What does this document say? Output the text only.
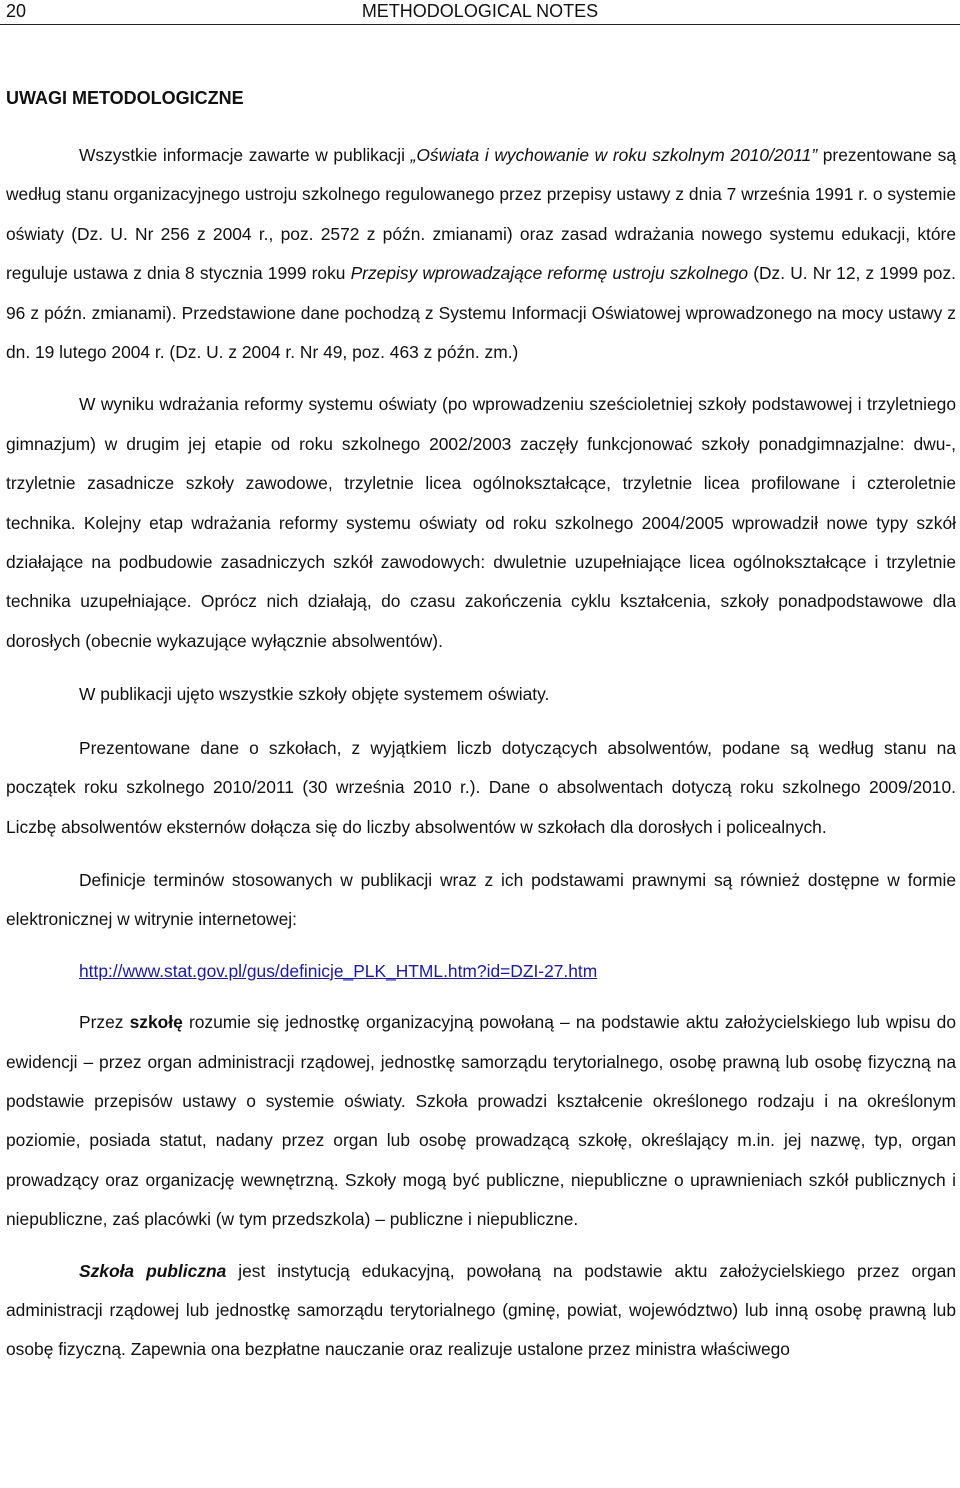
20	METHODOLOGICAL NOTES
UWAGI METODOLOGICZNE

Wszystkie informacje zawarte w publikacji „Oświata i wychowanie w roku szkolnym 2010/2011” prezentowane są według stanu organizacyjnego ustroju szkolnego regulowanego przez przepisy ustawy z dnia 7 września 1991 r. o systemie oświaty (Dz. U. Nr 256 z 2004 r., poz. 2572 z późn. zmianami) oraz zasad wdrażania nowego systemu edukacji, które reguluje ustawa z dnia 8 stycznia 1999 roku Przepisy wprowadzające reformę ustroju szkolnego (Dz. U. Nr 12, z 1999 poz. 96 z późn. zmianami). Przedstawione dane pochodzą z Systemu Informacji Oświatowej wprowadzonego na mocy ustawy z dn. 19 lutego 2004 r. (Dz. U. z 2004 r. Nr 49, poz. 463 z późn. zm.)

W wyniku wdrażania reformy systemu oświaty (po wprowadzeniu sześcioletniej szkoły podstawowej i trzyletniego gimnazjum) w drugim jej etapie od roku szkolnego 2002/2003 zaczęły funkcjonować szkoły ponadgimnazjalne: dwu-, trzyletnie zasadnicze szkoły zawodowe, trzyletnie licea ogólnokształcące, trzyletnie licea profilowane i czteroletnie technika. Kolejny etap wdrażania reformy systemu oświaty od roku szkolnego 2004/2005 wprowadził nowe typy szkół działające na podbudowie zasadniczych szkół zawodowych: dwuletnie uzupełniające licea ogólnokształcące i trzyletnie technika uzupełniające. Oprócz nich działają, do czasu zakończenia cyklu kształcenia, szkoły ponadpodstawowe dla dorosłych (obecnie wykazujące wyłącznie absolwentów).

W publikacji ujęto wszystkie szkoły objęte systemem oświaty.

Prezentowane dane o szkołach, z wyjątkiem liczb dotyczących absolwentów, podane są według stanu na początek roku szkolnego 2010/2011 (30 września 2010 r.). Dane o absolwentach dotyczą roku szkolnego 2009/2010. Liczbę absolwentów eksternów dołącza się do liczby absolwentów w szkołach dla dorosłych i policealnych.

Definicje terminów stosowanych w publikacji wraz z ich podstawami prawnymi są również dostępne w formie elektronicznej w witrynie internetowej:

http://www.stat.gov.pl/gus/definicje_PLK_HTML.htm?id=DZI-27.htm

Przez szkołę rozumie się jednostkę organizacyjną powołaną – na podstawie aktu założycielskiego lub wpisu do ewidencji – przez organ administracji rządowej, jednostkę samorządu terytorialnego, osobę prawną lub osobę fizyczną na podstawie przepisów ustawy o systemie oświaty. Szkoła prowadzi kształcenie określonego rodzaju i na określonym poziomie, posiada statut, nadany przez organ lub osobę prowadzącą szkołę, określający m.in. jej nazwę, typ, organ prowadzący oraz organizację wewnętrzną. Szkoły mogą być publiczne, niepubliczne o uprawnieniach szkół publicznych i niepubliczne, zaś placówki (w tym przedszkola) – publiczne i niepubliczne.

Szkoła publiczna jest instytucją edukacyjną, powołaną na podstawie aktu założycielskiego przez organ administracji rządowej lub jednostkę samorządu terytorialnego (gminę, powiat, województwo) lub inną osobę prawną lub osobę fizyczną. Zapewnia ona bezpłatne nauczanie oraz realizuje ustalone przez ministra właściwego
